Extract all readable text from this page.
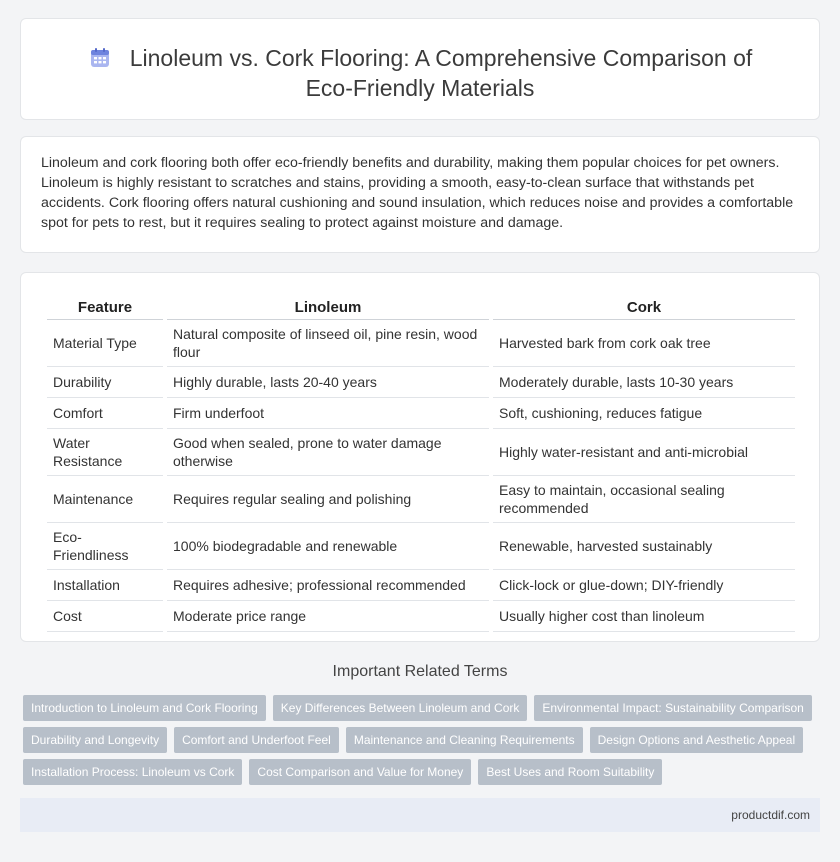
Linoleum vs. Cork Flooring: A Comprehensive Comparison of Eco-Friendly Materials

Linoleum and cork flooring both offer eco-friendly benefits and durability, making them popular choices for pet owners. Linoleum is highly resistant to scratches and stains, providing a smooth, easy-to-clean surface that withstands pet accidents. Cork flooring offers natural cushioning and sound insulation, which reduces noise and provides a comfortable spot for pets to rest, but it requires sealing to protect against moisture and damage.

Feature	Linoleum	Cork
Material Type	Natural composite of linseed oil, pine resin, wood flour	Harvested bark from cork oak tree
Durability	Highly durable, lasts 20-40 years	Moderately durable, lasts 10-30 years
Comfort	Firm underfoot	Soft, cushioning, reduces fatigue
Water Resistance	Good when sealed, prone to water damage otherwise	Highly water-resistant and anti-microbial
Maintenance	Requires regular sealing and polishing	Easy to maintain, occasional sealing recommended
Eco-Friendliness	100% biodegradable and renewable	Renewable, harvested sustainably
Installation	Requires adhesive; professional recommended	Click-lock or glue-down; DIY-friendly
Cost	Moderate price range	Usually higher cost than linoleum
Important Related Terms
Introduction to Linoleum and Cork Flooring	Key Differences Between Linoleum and Cork	Environmental Impact: Sustainability Comparison
Durability and Longevity	Comfort and Underfoot Feel	Maintenance and Cleaning Requirements	Design Options and Aesthetic Appeal
Installation Process: Linoleum vs Cork	Cost Comparison and Value for Money	Best Uses and Room Suitability
productdif.com
